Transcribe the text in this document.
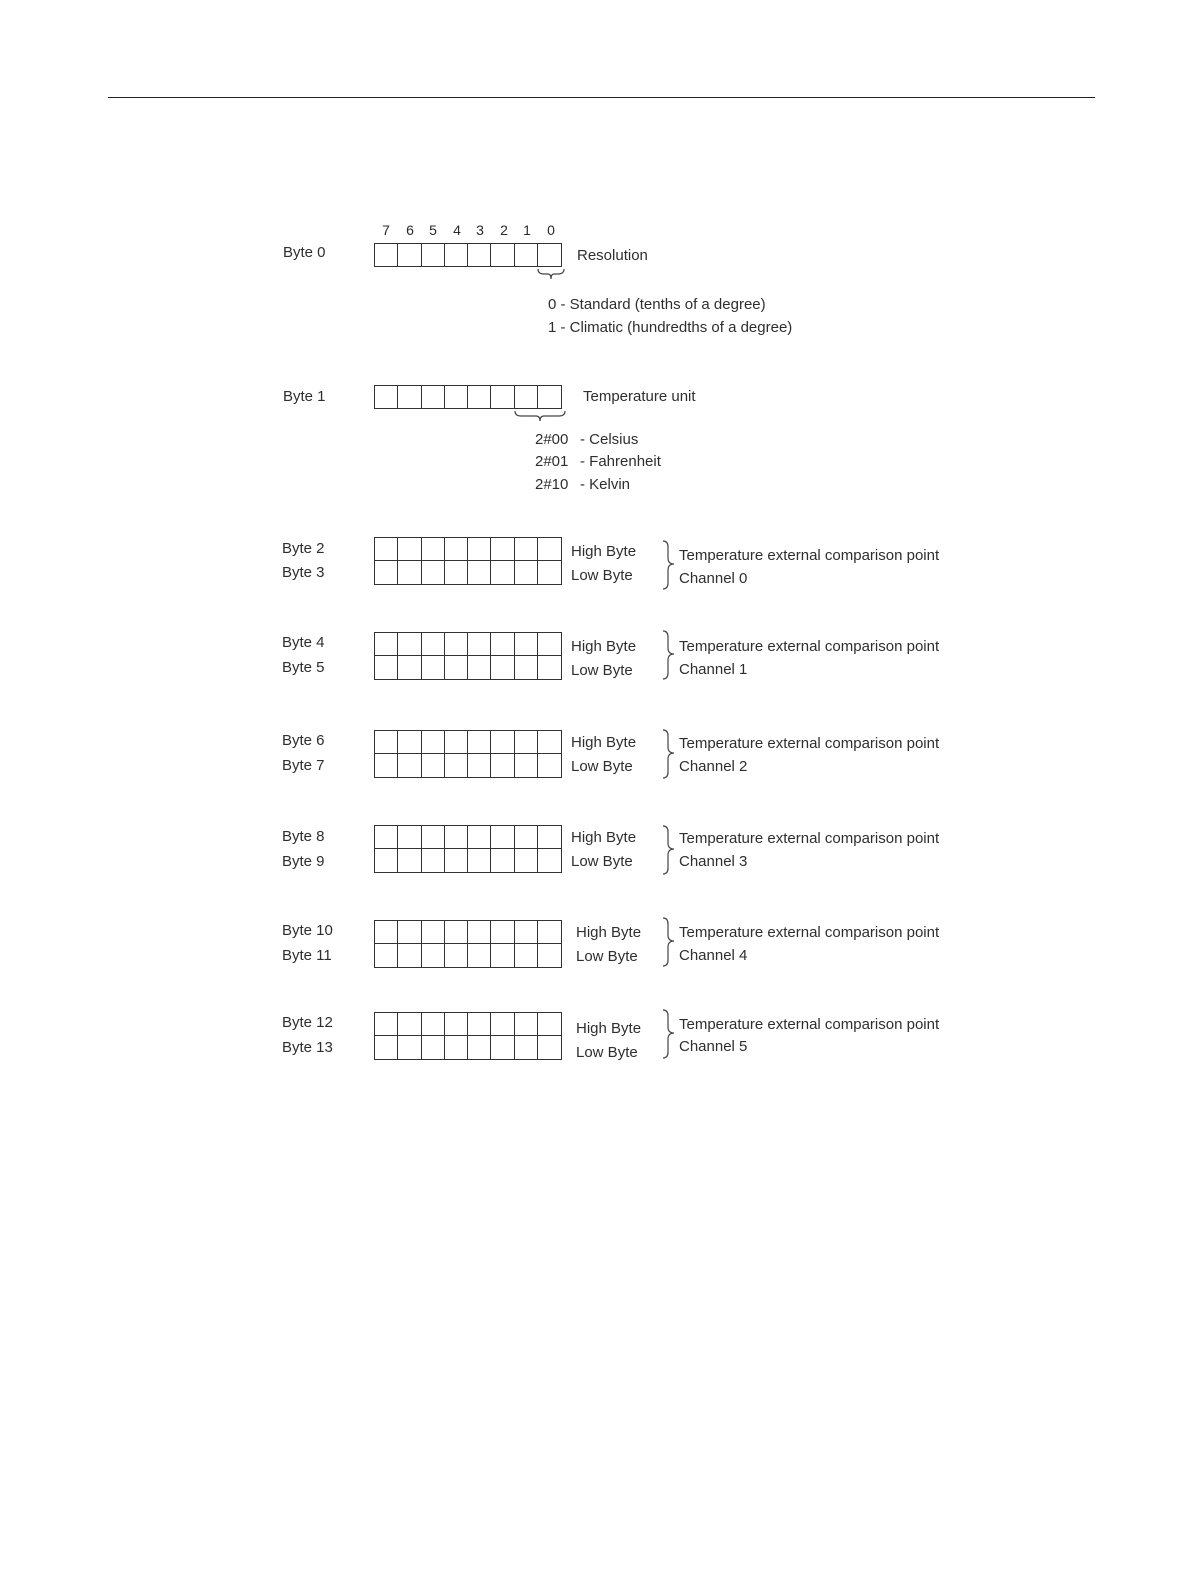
7 6 5 4 3 2 1 0
Byte 0	Resolution
0 - Standard (tenths of a degree)
1 - Climatic (hundredths of a degree)
Byte 1	Temperature unit
2#00 - Celsius
2#01 - Fahrenheit
2#10 - Kelvin
Byte 2
Byte 3
High Byte
Low Byte
Temperature external comparison point
Channel 0
Byte 4
Byte 5
High Byte
Low Byte
Temperature external comparison point
Channel 1
Byte 6
Byte 7
High Byte
Low Byte
Temperature external comparison point
Channel 2
Byte 8
Byte 9
High Byte
Low Byte
Temperature external comparison point
Channel 3
Byte 10
Byte 11
High Byte
Low Byte
Temperature external comparison point
Channel 4
Byte 12
Byte 13
High Byte
Low Byte
Temperature external comparison point
Channel 5
